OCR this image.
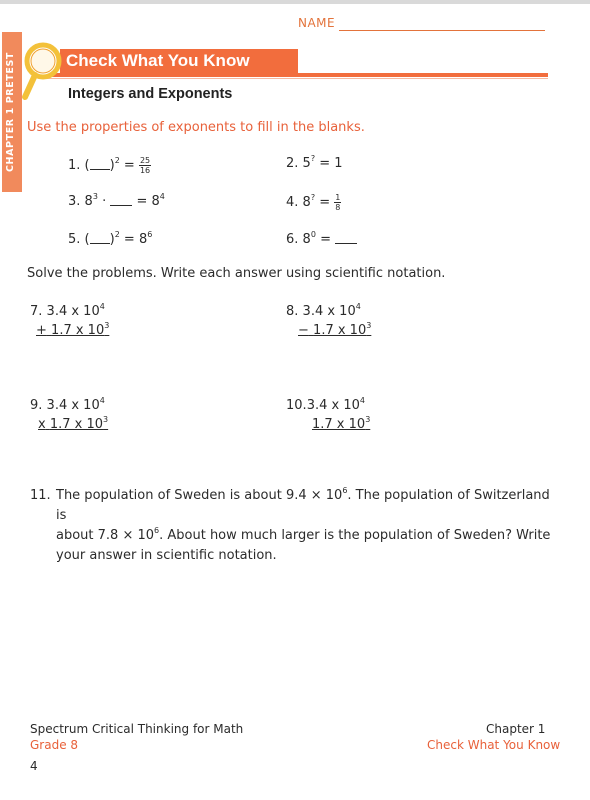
NAME
CHAPTER 1 PRETEST	Check What You Know
Integers and Exponents
Use the properties of exponents to fill in the blanks.
1. ( )$^2 = \frac{25}{16}$	2. 5? = 1
3. $8^3$ ·  = $8^4$	4. $8^? = \frac{1}{8}$
5. ( )$^2 = 8^6$	6. $8^0$ =
Solve the problems. Write each answer using scientific notation.
7. 3.4 x $10^4$
+ 1.7 x $10^3$
8. 3.4 x $10^4$
− 1.7 x $10^3$
9. 3.4 x $10^4$
x 1.7 x $10^3$
10.3.4 x $10^4$
1.7 x $10^3$
11. The population of Sweden is about $9.4 \times 10^6$. The population of Switzerland is
about $7.8 \times 10^6$. About how much larger is the population of Sweden? Write
your answer in scientific notation.
Spectrum Critical Thinking for Math
Grade 8
Chapter 1
Check What You Know
4
